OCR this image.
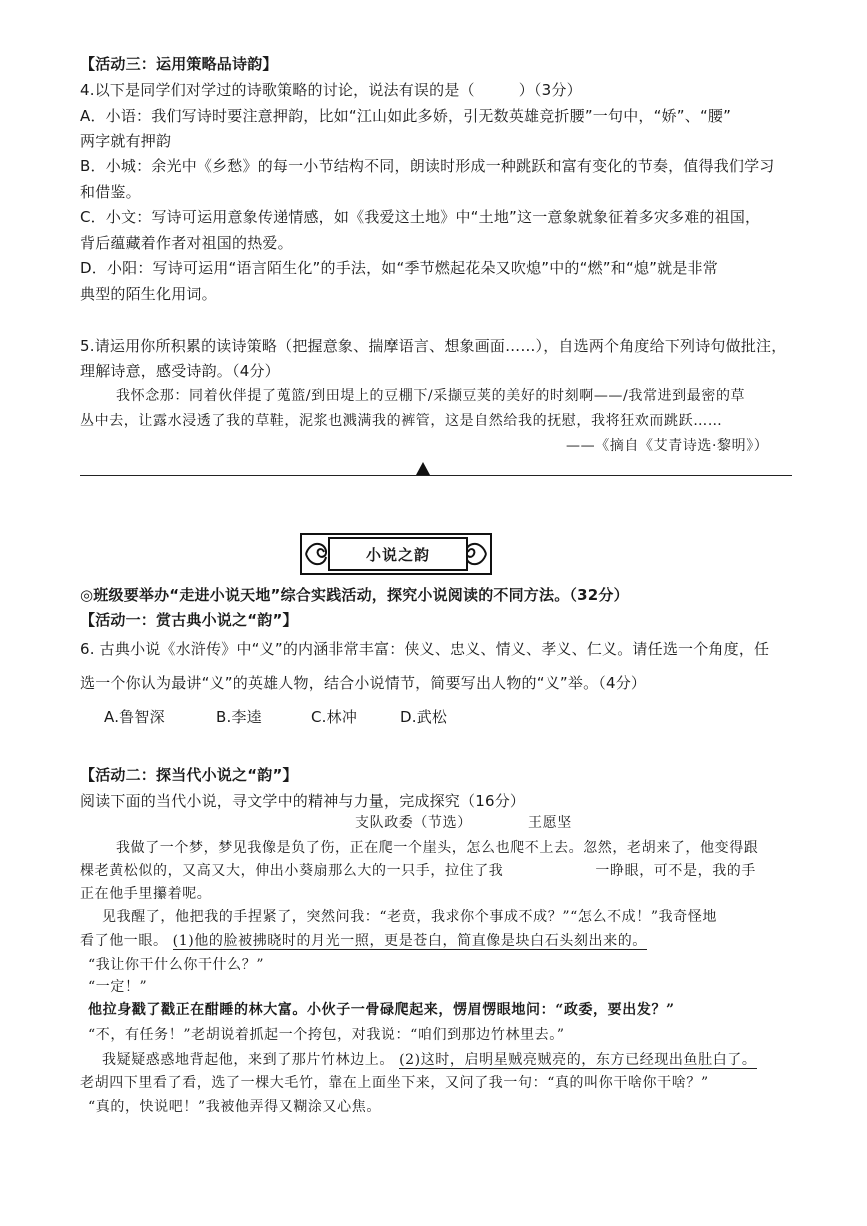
【活动三：运用策略品诗韵】
4.以下是同学们对学过的诗歌策略的讨论，说法有误的是（	）（3分）
A．小语：我们写诗时要注意押韵，比如“江山如此多娇，引无数英雄竞折腰”一句中，“娇”、“腰”
两字就有押韵
B．小城：余光中《乡愁》的每一小节结构不同，朗读时形成一种跳跃和富有变化的节奏，值得我们学习
和借鉴。
C．小文：写诗可运用意象传递情感，如《我爱这土地》中“土地”这一意象就象征着多灾多难的祖国，
背后蕴藏着作者对祖国的热爱。
D．小阳：写诗可运用“语言陌生化”的手法，如“季节燃起花朵又吹熄”中的“燃”和“熄”就是非常
典型的陌生化用词。
5.请运用你所积累的读诗策略（把握意象、揣摩语言、想象画面……），自选两个角度给下列诗句做批注，
理解诗意，感受诗韵。（4分）
我怀念那：同着伙伴提了蒐篮/到田堤上的豆棚下/采撷豆荚的美好的时刻啊——/我常进到最密的草
丛中去，让露水浸透了我的草鞋，泥浆也溅满我的裤管，这是自然给我的抚慰，我将狂欢而跳跃……
——《摘自《艾青诗选·黎明》）
小说之韵
◎班级要举办“走进小说天地”综合实践活动，探究小说阅读的不同方法。（32分）
【活动一：赏古典小说之“韵”】
6. 古典小说《水浒传》中“义”的内涵非常丰富：侠义、忠义、情义、孝义、仁义。请任选一个角度，任
选一个你认为最讲“义”的英雄人物，结合小说情节，简要写出人物的“义”举。（4分）
A.鲁智深	B.李逵	C.林冲	D.武松
【活动二：探当代小说之“韵”】
阅读下面的当代小说，寻文学中的精神与力量，完成探究（16分）
支队政委（节选）	王愿坚
我做了一个梦，梦见我像是负了伤，正在爬一个崖头，怎么也爬不上去。忽然，老胡来了，他变得跟
棵老黄松似的，又高又大，伸出小葵扇那么大的一只手，拉住了我	一睁眼，可不是，我的手
正在他手里攥着呢。
见我醒了，他把我的手捏紧了，突然问我：“老贲，我求你个事成不成？”“怎么不成！”我奇怪地
看了他一眼。 (1)他的脸被拂晓时的月光一照，更是苍白，简直像是块白石头刻出来的。
“我让你干什么你干什么？”
“一定！”
他拉身戳了戳正在酣睡的林大富。小伙子一骨碌爬起来，愣眉愣眼地问：“政委，要出发？”
“不，有任务！”老胡说着抓起一个挎包，对我说：“咱们到那边竹林里去。”
我疑疑惑惑地背起他，来到了那片竹林边上。 (2)这时，启明星贼亮贼亮的，东方已经现出鱼肚白了。
老胡四下里看了看，选了一棵大毛竹，靠在上面坐下来，又问了我一句：“真的叫你干啥你干啥？”
“真的，快说吧！”我被他弄得又糊涂又心焦。
